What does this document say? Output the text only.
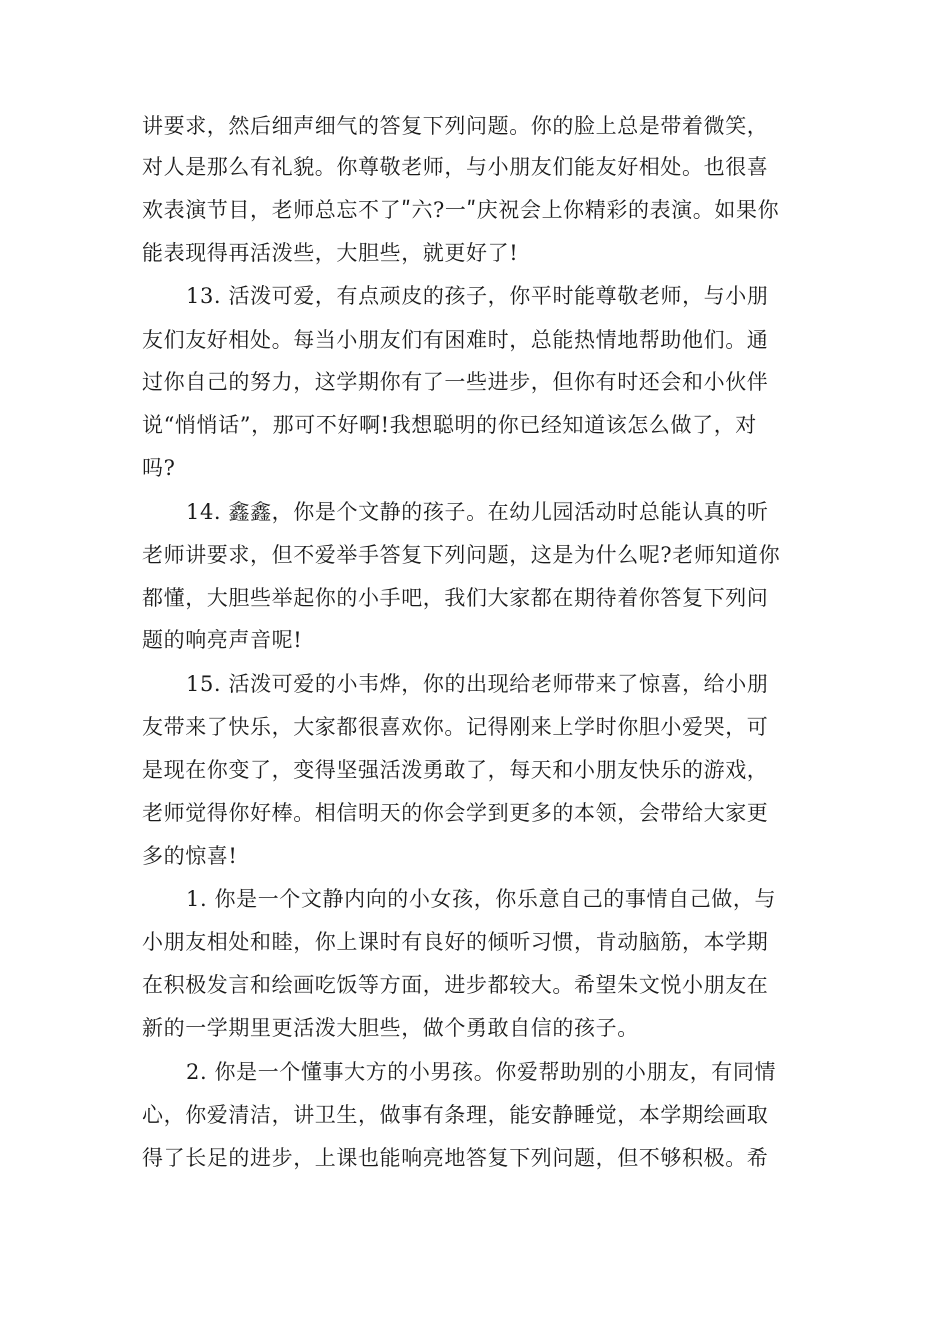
讲要求，然后细声细气的答复下列问题。你的脸上总是带着微笑，

对人是那么有礼貌。你尊敬老师，与小朋友们能友好相处。也很喜

欢表演节目，老师总忘不了ʺ六?一ʺ庆祝会上你精彩的表演。如果你

能表现得再活泼些，大胆些，就更好了!

13. 活泼可爱，有点顽皮的孩子，你平时能尊敬老师，与小朋

友们友好相处。每当小朋友们有困难时，总能热情地帮助他们。通

过你自己的努力，这学期你有了一些进步，但你有时还会和小伙伴

说“悄悄话”，那可不好啊!我想聪明的你已经知道该怎么做了，对

吗?

14. 鑫鑫，你是个文静的孩子。在幼儿园活动时总能认真的听

老师讲要求，但不爱举手答复下列问题，这是为什么呢?老师知道你

都懂，大胆些举起你的小手吧，我们大家都在期待着你答复下列问

题的响亮声音呢!

15. 活泼可爱的小韦烨，你的出现给老师带来了惊喜，给小朋

友带来了快乐，大家都很喜欢你。记得刚来上学时你胆小爱哭，可

是现在你变了，变得坚强活泼勇敢了，每天和小朋友快乐的游戏，

老师觉得你好棒。相信明天的你会学到更多的本领，会带给大家更

多的惊喜!

1. 你是一个文静内向的小女孩，你乐意自己的事情自己做，与

小朋友相处和睦，你上课时有良好的倾听习惯，肯动脑筋，本学期

在积极发言和绘画吃饭等方面，进步都较大。希望朱文悦小朋友在

新的一学期里更活泼大胆些，做个勇敢自信的孩子。

2. 你是一个懂事大方的小男孩。你爱帮助别的小朋友，有同情

心，你爱清洁，讲卫生，做事有条理，能安静睡觉，本学期绘画取

得了长足的进步，上课也能响亮地答复下列问题，但不够积极。希
